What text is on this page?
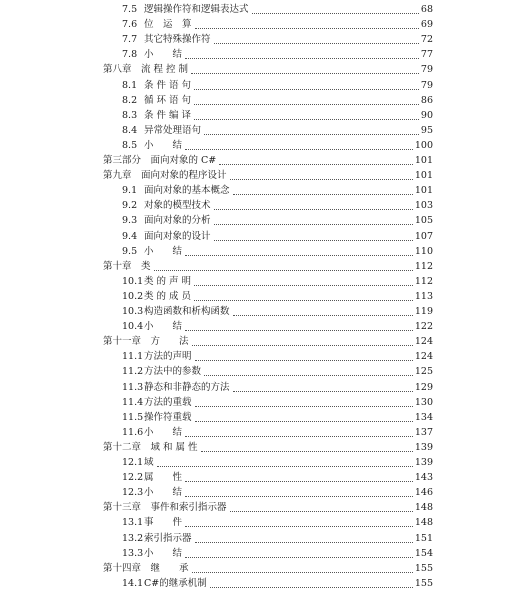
7.5 逻辑操作符和逻辑表达式	68
7.6 位　运　算	69
7.7 其它特殊操作符	72
7.8 小　　结	77
第八章　流 程 控 制	79
8.1 条 件 语 句	79
8.2 循 环 语 句	86
8.3 条 件 编 译	90
8.4 异常处理语句	95
8.5 小　　结	100
第三部分　面向对象的 C#	101
第九章　面向对象的程序设计	101
9.1 面向对象的基本概念	101
9.2 对象的模型技术	103
9.3 面向对象的分析	105
9.4 面向对象的设计	107
9.5 小　　结	110
第十章　类	112
10.1 类 的 声 明	112
10.2 类 的 成 员	113
10.3 构造函数和析构函数	119
10.4 小　　结	122
第十一章　方　　法	124
11.1 方法的声明	124
11.2 方法中的参数	125
11.3 静态和非静态的方法	129
11.4 方法的重载	130
11.5 操作符重载	134
11.6 小　　结	137
第十二章　域 和 属 性	139
12.1 域	139
12.2 属　　性	143
12.3 小　　结	146
第十三章　事件和索引指示器	148
13.1 事　　件	148
13.2 索引指示器	151
13.3 小　　结	154
第十四章　继　　承	155
14.1 C#的继承机制	155
